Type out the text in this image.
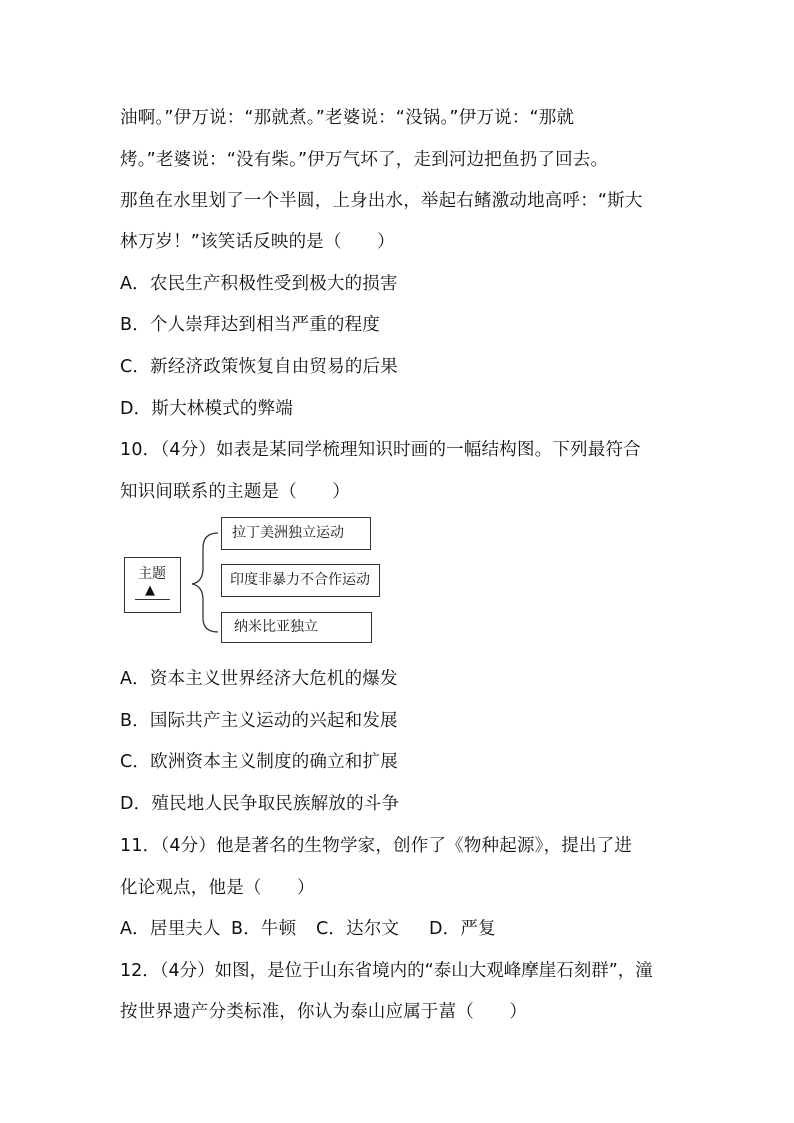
油啊。”伊万说：“那就煮。”老婆说：“没锅。”伊万说：“那就
烤。”老婆说：“没有柴。”伊万气坏了，走到河边把鱼扔了回去。
那鱼在水里划了一个半圆，上身出水，举起右鳍激动地高呼：“斯大
林万岁！”该笑话反映的是（　　）
A．农民生产积极性受到极大的损害
B．个人崇拜达到相当严重的程度
C．新经济政策恢复自由贸易的后果
D．斯大林模式的弊端
10．（4分）如表是某同学梳理知识时画的一幅结构图。下列最符合
知识间联系的主题是（　　）
主题
▲
拉丁美洲独立运动
印度非暴力不合作运动
纳米比亚独立
A．资本主义世界经济大危机的爆发
B．国际共产主义运动的兴起和发展
C．欧洲资本主义制度的确立和扩展
D．殖民地人民争取民族解放的斗争
11．（4分）他是著名的生物学家，创作了《物种起源》，提出了进
化论观点，他是（　　）
A．居里夫人 B．牛顿 C．达尔文 D．严复
12．（4分）如图，是位于山东省境内的“泰山大观峰摩崖石刻群”，潼
按世界遗产分类标准，你认为泰山应属于葍（　　）
